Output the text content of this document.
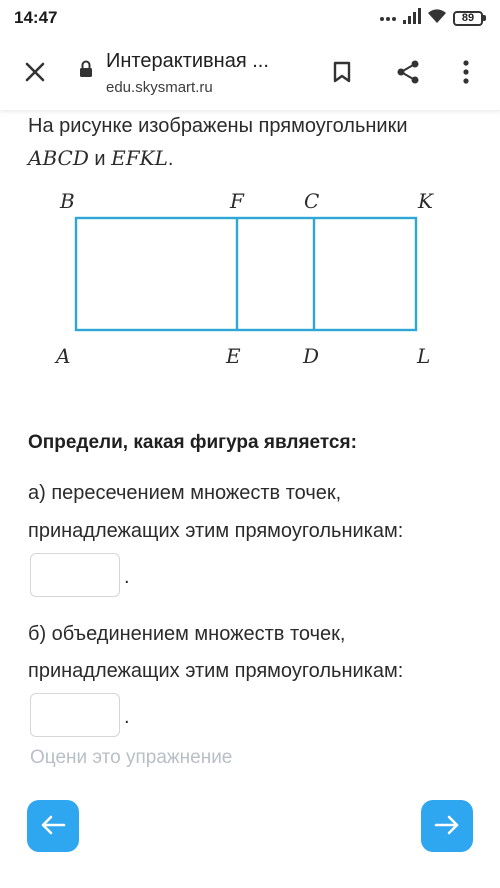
14:47	89
Интерактивная ...
edu.skysmart.ru
На рисунке изображены прямоугольники
ABCD и EFKL.
B	F	C	K
A	E	D	L
Определи, какая фигура является:
а) пересечением множеств точек,
принадлежащих этим прямоугольникам:
.
б) объединением множеств точек,
принадлежащих этим прямоугольникам:
.
Оцени это упражнение
